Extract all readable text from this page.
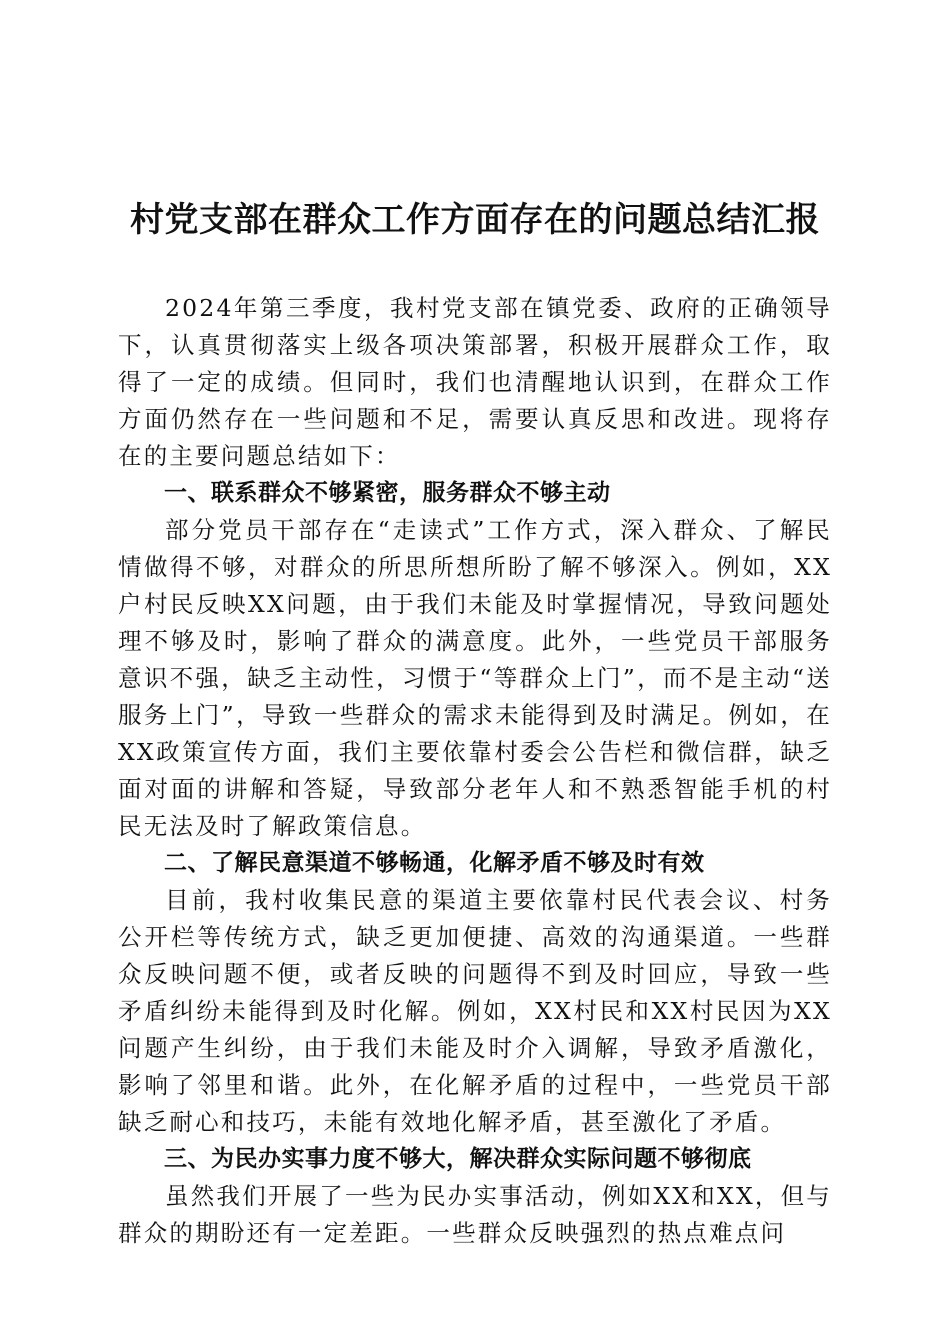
村党支部在群众工作方面存在的问题总结汇报

2024年第三季度，我村党支部在镇党委、政府的正确领导下，认真贯彻落实上级各项决策部署，积极开展群众工作，取得了一定的成绩。但同时，我们也清醒地认识到，在群众工作方面仍然存在一些问题和不足，需要认真反思和改进。现将存在的主要问题总结如下：

一、联系群众不够紧密，服务群众不够主动

部分党员干部存在“走读式”工作方式，深入群众、了解民情做得不够，对群众的所思所想所盼了解不够深入。例如，XX户村民反映XX问题，由于我们未能及时掌握情况，导致问题处理不够及时，影响了群众的满意度。此外，一些党员干部服务意识不强，缺乏主动性，习惯于“等群众上门”，而不是主动“送服务上门”，导致一些群众的需求未能得到及时满足。例如，在XX政策宣传方面，我们主要依靠村委会公告栏和微信群，缺乏面对面的讲解和答疑，导致部分老年人和不熟悉智能手机的村民无法及时了解政策信息。

二、了解民意渠道不够畅通，化解矛盾不够及时有效

目前，我村收集民意的渠道主要依靠村民代表会议、村务公开栏等传统方式，缺乏更加便捷、高效的沟通渠道。一些群众反映问题不便，或者反映的问题得不到及时回应，导致一些矛盾纠纷未能得到及时化解。例如，XX村民和XX村民因为XX问题产生纠纷，由于我们未能及时介入调解，导致矛盾激化，影响了邻里和谐。此外，在化解矛盾的过程中，一些党员干部缺乏耐心和技巧，未能有效地化解矛盾，甚至激化了矛盾。

三、为民办实事力度不够大，解决群众实际问题不够彻底

虽然我们开展了一些为民办实事活动，例如XX和XX，但与群众的期盼还有一定差距。一些群众反映强烈的热点难点问
